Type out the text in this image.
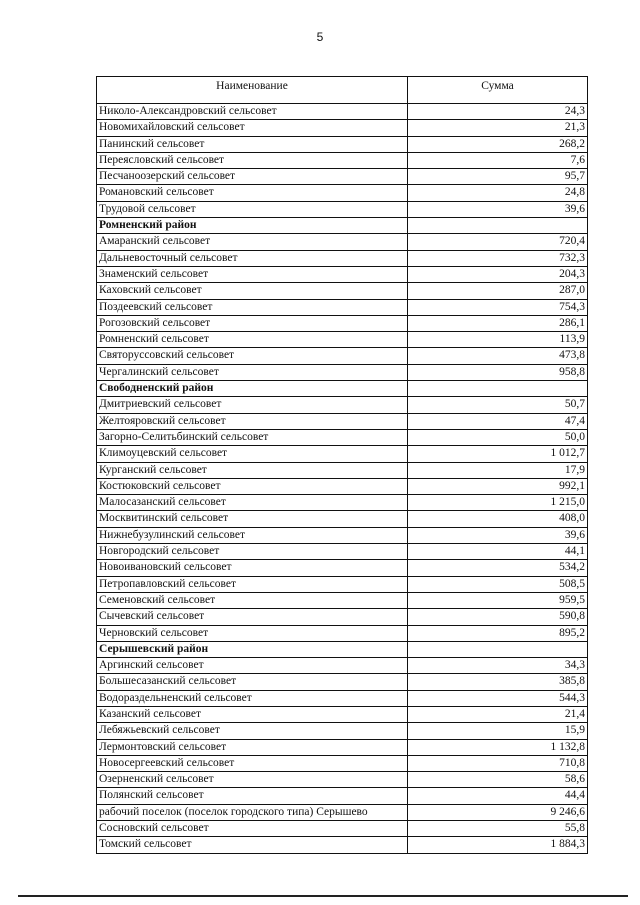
5
Наименование	Сумма
Николо-Александровский сельсовет	24,3
Новомихайловский сельсовет	21,3
Панинский сельсовет	268,2
Переясловский сельсовет	7,6
Песчаноозерский сельсовет	95,7
Романовский сельсовет	24,8
Трудовой сельсовет	39,6
Ромненский район	
Амаранский сельсовет	720,4
Дальневосточный сельсовет	732,3
Знаменский сельсовет	204,3
Каховский сельсовет	287,0
Поздеевский сельсовет	754,3
Рогозовский сельсовет	286,1
Ромненский сельсовет	113,9
Святоруссовский сельсовет	473,8
Чергалинский сельсовет	958,8
Свободненский район	
Дмитриевский сельсовет	50,7
Желтояровский сельсовет	47,4
Загорно-Селитьбинский сельсовет	50,0
Климоуцевский сельсовет	1 012,7
Курганский сельсовет	17,9
Костюковский сельсовет	992,1
Малосазанский сельсовет	1 215,0
Москвитинский сельсовет	408,0
Нижнебузулинский сельсовет	39,6
Новгородский сельсовет	44,1
Новоивановский сельсовет	534,2
Петропавловский сельсовет	508,5
Семеновский сельсовет	959,5
Сычевский сельсовет	590,8
Черновский сельсовет	895,2
Серышевский район	
Аргинский сельсовет	34,3
Большесазанский сельсовет	385,8
Водораздельненский сельсовет	544,3
Казанский сельсовет	21,4
Лебяжьевский сельсовет	15,9
Лермонтовский сельсовет	1 132,8
Новосергеевский сельсовет	710,8
Озерненский сельсовет	58,6
Полянский сельсовет	44,4
рабочий поселок (поселок городского типа) Серышево	9 246,6
Сосновский сельсовет	55,8
Томский сельсовет	1 884,3
